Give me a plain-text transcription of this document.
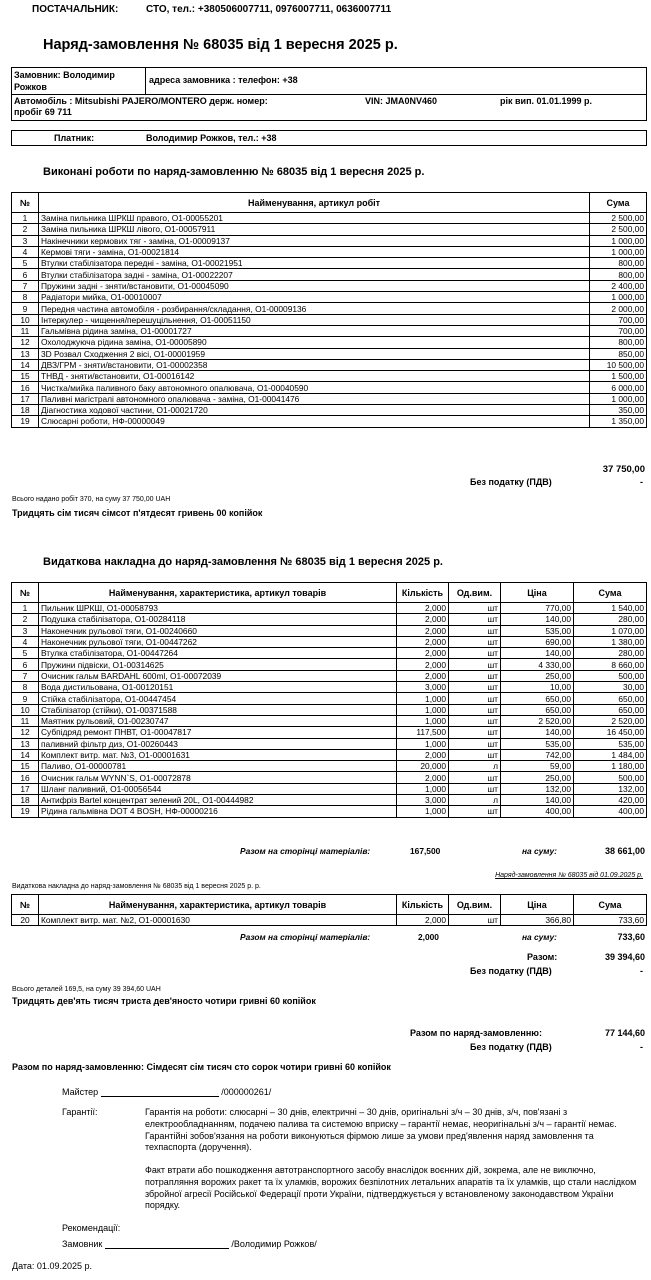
ПОСТАЧАЛЬНИК:	СТО, тел.: +380506007711, 0976007711, 0636007711
Наряд-замовлення № 68035 від 1 вересня 2025 р.
Замовник: Володимир Рожков
адреса замовника : телефон: +38
Автомобіль : Mitsubishi PAJERO/MONTERO держ. номер:	VIN: JMA0NV460	рік вип. 01.01.1999 р.
пробіг 69 711
Платник:	Володимир Рожков, тел.: +38
Виконані роботи по наряд-замовленню № 68035 від 1 вересня 2025 р.
№	Найменування, артикул робіт	Сума
1	Заміна пильника ШРКШ правого, О1-00055201	2 500,00
2	Заміна пильника ШРКШ лівого, О1-00057911	2 500,00
3	Накінечники кермових тяг - заміна, О1-00009137	1 000,00
4	Кермові тяги - заміна, О1-00021814	1 000,00
5	Втулки стабілізатора передні - заміна, О1-00021951	800,00
6	Втулки стабілізатора задні - заміна, О1-00022207	800,00
7	Пружини задні - зняти/встановити, О1-00045090	2 400,00
8	Радіатори мийка, О1-00010007	1 000,00
9	Передня частина автомобіля - розбирання/складання, О1-00009136	2 000,00
10	Інтеркулер - чищення/перешуцільнення, О1-00051150	700,00
11	Гальмівна рідина заміна, О1-00001727	700,00
12	Охолоджуюча рідина заміна, О1-00005890	800,00
13	3D Розвал Сходження 2 вісі, О1-00001959	850,00
14	ДВЗ/ГРМ - зняти/встановити, О1-00002358	10 500,00
15	ТНВД - зняти/встановити, О1-00016142	1 500,00
16	Чистка/мийка паливного баку автономного опалювача, О1-00040590	6 000,00
17	Паливні магістралі автономного опалювача - заміна, О1-00041476	1 000,00
18	Діагностика ходової частини, О1-00021720	350,00
19	Слюсарні роботи, НФ-00000049	1 350,00
37 750,00
Без податку (ПДВ)	-
Всього надано робіт 370, на суму 37 750,00 UAH
Тридцять сім тисяч сімсот п'ятдесят гривень 00 копійок
Видаткова накладна до наряд-замовлення № 68035 від 1 вересня 2025 р.
№	Найменування, характеристика, артикул товарів	Кількість	Од.вим.	Ціна	Сума
1	Пильник ШРКШ, О1-00058793	2,000	шт	770,00	1 540,00
2	Подушка стабілізатора, О1-00284118	2,000	шт	140,00	280,00
3	Наконечник рульової тяги, О1-00240660	2,000	шт	535,00	1 070,00
4	Наконечник рульової тяги, О1-00447262	2,000	шт	690,00	1 380,00
5	Втулка стабілізатора, О1-00447264	2,000	шт	140,00	280,00
6	Пружини підвіски, О1-00314625	2,000	шт	4 330,00	8 660,00
7	Очисник гальм BARDAHL 600ml, О1-00072039	2,000	шт	250,00	500,00
8	Вода дистильована, О1-00120151	3,000	шт	10,00	30,00
9	Стійка стабілізатора, О1-00447454	1,000	шт	650,00	650,00
10	Стабілізатор (стійки), О1-00371588	1,000	шт	650,00	650,00
11	Маятник рульовий, О1-00230747	1,000	шт	2 520,00	2 520,00
12	Субпідряд ремонт ПНВТ, О1-00047817	117,500	шт	140,00	16 450,00
13	паливний фільтр диз, О1-00260443	1,000	шт	535,00	535,00
14	Комплект витр. мат. №3, О1-00001631	2,000	шт	742,00	1 484,00
15	Паливо, О1-00000781	20,000	л	59,00	1 180,00
16	Очисник гальм WYNN`S, О1-00072878	2,000	шт	250,00	500,00
17	Шланг паливний, О1-00056544	1,000	шт	132,00	132,00
18	Антифріз Bartel концентрат зелений 20L, О1-00444982	3,000	л	140,00	420,00
19	Рідина гальмівна DOT 4 BOSH, НФ-00000216	1,000	шт	400,00	400,00
Разом на сторінці матеріалів:	167,500	на суму:	38 661,00
Наряд-замовлення № 68035 від 01.09.2025 р.
Видаткова накладна до наряд-замовлення № 68035 від 1 вересня 2025 р. р.
№	Найменування, характеристика, артикул товарів	Кількість	Од.вим.	Ціна	Сума
20	Комплект витр. мат. №2, О1-00001630	2,000	шт	366,80	733,60
Разом на сторінці матеріалів:	2,000	на суму:	733,60
Разом:	39 394,60
Без податку (ПДВ)	-
Всього деталей 169,5, на суму 39 394,60 UAH
Тридцять дев'ять тисяч триста дев'яносто чотири гривні 60 копійок
Разом по наряд-замовленню:	77 144,60
Без податку (ПДВ)	-
Разом по наряд-замовленню: Сімдесят сім тисяч сто сорок чотири гривні 60 копійок
Майстер	/000000261/
Гарантії:	Гарантія на роботи: слюсарні – 30 днів, електричні – 30 днів, оригінальні з/ч – 30 днів, з/ч, пов'язані з електрообладнанням, подачею палива та системою вприску – гарантії немає, неоригінальні з/ч – гарантії немає. Гарантійні зобов'язання на роботи виконуються фірмою лише за умови пред'явлення наряд замовлення та техпаспорта (доручення).
Факт втрати або пошкодження автотранспортного засобу внаслідок воєнних дій, зокрема, але не виключно, потрапляння ворожих ракет та їх уламків, ворожих безпілотних летальних апаратів та їх уламків, що стали наслідком збройної агресії Російської Федерації проти України, підтверджується у встановленому законодавством України порядку.
Рекомендації:
Замовник	/Володимир Рожков/
Дата: 01.09.2025 р.
